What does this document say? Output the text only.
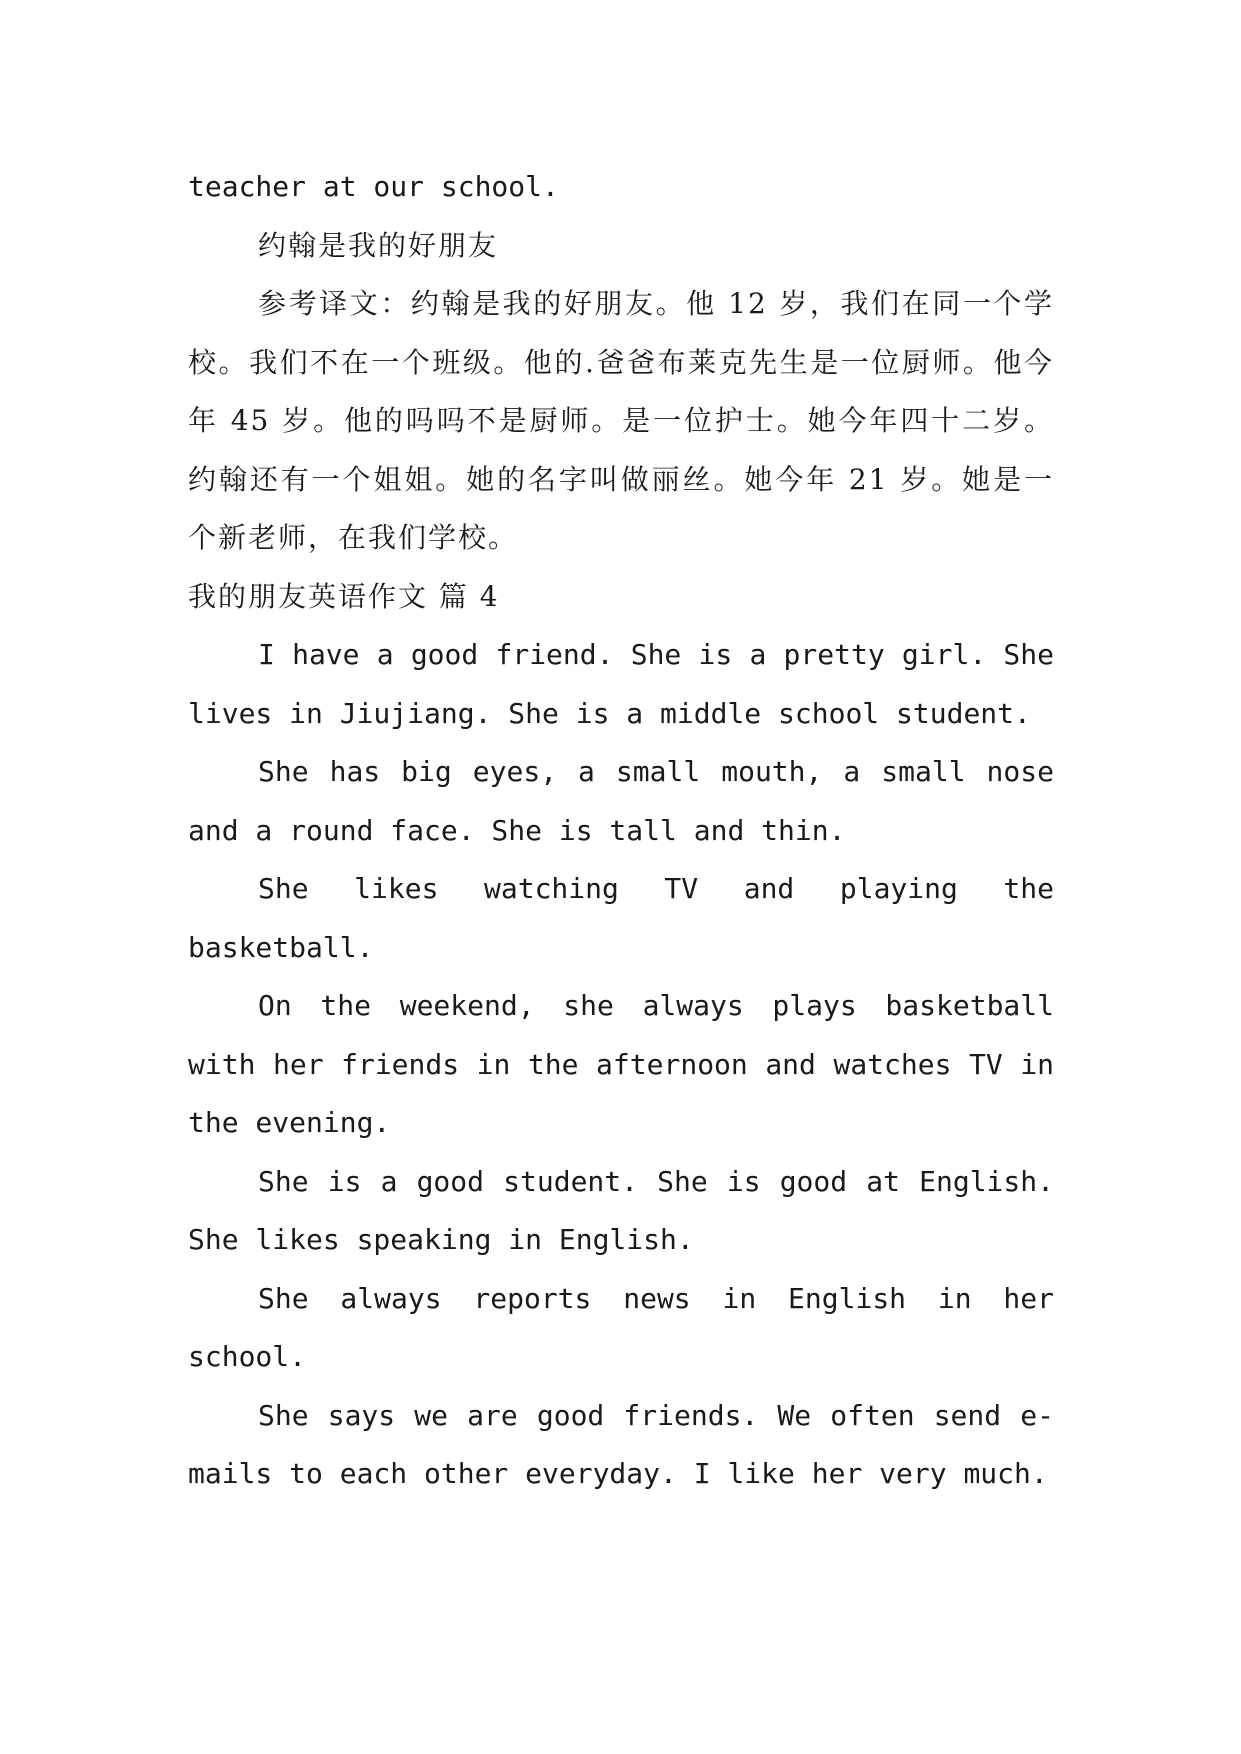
teacher at our school.

约翰是我的好朋友

参考译文：约翰是我的好朋友。他 12 岁，我们在同一个学校。我们不在一个班级。他的.爸爸布莱克先生是一位厨师。他今年 45 岁。他的吗吗不是厨师。是一位护士。她今年四十二岁。约翰还有一个姐姐。她的名字叫做丽丝。她今年 21 岁。她是一个新老师，在我们学校。

我的朋友英语作文 篇 4

I have a good friend. She is a pretty girl. She lives in Jiujiang. She is a middle school student.

She has big eyes, a small mouth, a small nose and a round face. She is tall and thin.

She likes watching TV and playing the basketball.

On the weekend, she always plays basketball with her friends in the afternoon and watches TV in the evening.

She is a good student. She is good at English. She likes speaking in English.

She always reports news in English in her school.

She says we are good friends. We often send e-mails to each other everyday. I like her very much.
